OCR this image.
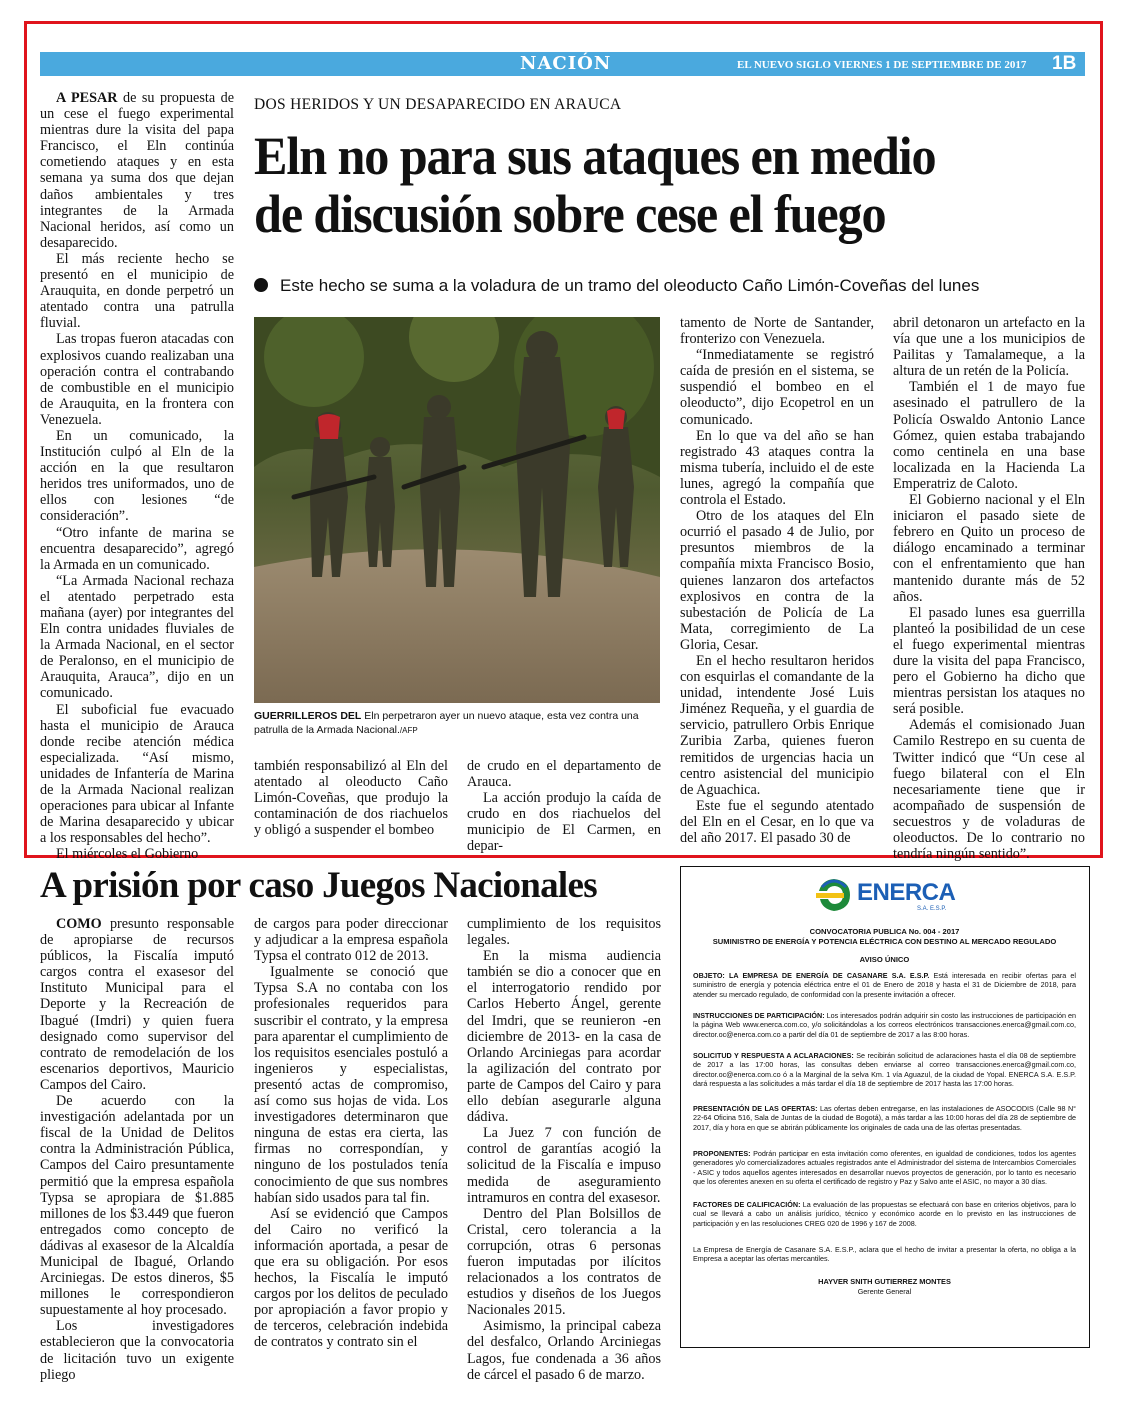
NACIÓN	EL NUEVO SIGLO VIERNES 1 DE SEPTIEMBRE DE 2017 1B
DOS HERIDOS Y UN DESAPARECIDO EN ARAUCA
Eln no para sus ataques en medio
de discusión sobre cese el fuego
Este hecho se suma a la voladura de un tramo del oleoducto Caño Limón-Coveñas del lunes

A PESAR de su propuesta de un cese el fuego experimental mientras dure la visita del papa Francisco, el Eln continúa cometiendo ataques y en esta semana ya suma dos que dejan daños ambientales y tres integrantes de la Armada Nacional heridos, así como un desaparecido.

El más reciente hecho se presentó en el municipio de Arauquita, en donde perpetró un atentado contra una patrulla fluvial.

Las tropas fueron atacadas con explosivos cuando realizaban una operación contra el contrabando de combustible en el municipio de Arauquita, en la frontera con Venezuela.

En un comunicado, la Institución culpó al Eln de la acción en la que resultaron heridos tres uniformados, uno de ellos con lesiones “de consideración”.

“Otro infante de marina se encuentra desaparecido”, agregó la Armada en un comunicado.

“La Armada Nacional rechaza el atentado perpetrado esta mañana (ayer) por integrantes del Eln contra unidades fluviales de la Armada Nacional, en el sector de Peralonso, en el municipio de Arauquita, Arauca”, dijo en un comunicado.

El suboficial fue evacuado hasta el municipio de Arauca donde recibe atención médica especializada. “Así mismo, unidades de Infantería de Marina de la Armada Nacional realizan operaciones para ubicar al Infante de Marina desaparecido y ubicar a los responsables del hecho”.

El miércoles el Gobierno

GUERRILLEROS DEL Eln perpetraron ayer un nuevo ataque, esta vez contra una patrulla de la Armada Nacional./AFP

también responsabilizó al Eln del atentado al oleoducto Caño Limón-Coveñas, que produjo la contaminación de dos riachuelos y obligó a suspender el bombeo

de crudo en el departamento de Arauca.

La acción produjo la caída de crudo en dos riachuelos del municipio de El Carmen, en depar-

tamento de Norte de Santander, fronterizo con Venezuela.

“Inmediatamente se registró caída de presión en el sistema, se suspendió el bombeo en el oleoducto”, dijo Ecopetrol en un comunicado.

En lo que va del año se han registrado 43 ataques contra la misma tubería, incluido el de este lunes, agregó la compañía que controla el Estado.

Otro de los ataques del Eln ocurrió el pasado 4 de Julio, por presuntos miembros de la compañía mixta Francisco Bosio, quienes lanzaron dos artefactos explosivos en contra de la subestación de Policía de La Mata, corregimiento de La Gloria, Cesar.

En el hecho resultaron heridos con esquirlas el comandante de la unidad, intendente José Luis Jiménez Requeña, y el guardia de servicio, patrullero Orbis Enrique Zuribia Zarba, quienes fueron remitidos de urgencias hacia un centro asistencial del municipio de Aguachica.

Este fue el segundo atentado del Eln en el Cesar, en lo que va del año 2017. El pasado 30 de

abril detonaron un artefacto en la vía que une a los municipios de Pailitas y Tamalameque, a la altura de un retén de la Policía.

También el 1 de mayo fue asesinado el patrullero de la Policía Oswaldo Antonio Lance Gómez, quien estaba trabajando como centinela en una base localizada en la Hacienda La Emperatriz de Caloto.

El Gobierno nacional y el Eln iniciaron el pasado siete de febrero en Quito un proceso de diálogo encaminado a terminar con el enfrentamiento que han mantenido durante más de 52 años.

El pasado lunes esa guerrilla planteó la posibilidad de un cese el fuego experimental mientras dure la visita del papa Francisco, pero el Gobierno ha dicho que mientras persistan los ataques no será posible.

Además el comisionado Juan Camilo Restrepo en su cuenta de Twitter indicó que “Un cese al fuego bilateral con el Eln necesariamente tiene que ir acompañado de suspensión de secuestros y de voladuras de oleoductos. De lo contrario no tendría ningún sentido”.

A prisión por caso Juegos Nacionales

COMO presunto responsable de apropiarse de recursos públicos, la Fiscalía imputó cargos contra el exasesor del Instituto Municipal para el Deporte y la Recreación de Ibagué (Imdri) y quien fuera designado como supervisor del contrato de remodelación de los escenarios deportivos, Mauricio Campos del Cairo.

De acuerdo con la investigación adelantada por un fiscal de la Unidad de Delitos contra la Administración Pública, Campos del Cairo presuntamente permitió que la empresa española Typsa se apropiara de $1.885 millones de los $3.449 que fueron entregados como concepto de dádivas al exasesor de la Alcaldía Municipal de Ibagué, Orlando Arciniegas. De estos dineros, $5 millones le correspondieron supuestamente al hoy procesado.

Los investigadores establecieron que la convocatoria de licitación tuvo un exigente pliego

de cargos para poder direccionar y adjudicar a la empresa española Typsa el contrato 012 de 2013.

Igualmente se conoció que Typsa S.A no contaba con los profesionales requeridos para suscribir el contrato, y la empresa para aparentar el cumplimiento de los requisitos esenciales postuló a ingenieros y especialistas, presentó actas de compromiso, así como sus hojas de vida. Los investigadores determinaron que ninguna de estas era cierta, las firmas no correspondían, y ninguno de los postulados tenía conocimiento de que sus nombres habían sido usados para tal fin.

Así se evidenció que Campos del Cairo no verificó la información aportada, a pesar de que era su obligación. Por esos hechos, la Fiscalía le imputó cargos por los delitos de peculado por apropiación a favor propio y de terceros, celebración indebida de contratos y contrato sin el

cumplimiento de los requisitos legales.

En la misma audiencia también se dio a conocer que en el interrogatorio rendido por Carlos Heberto Ángel, gerente del Imdri, que se reunieron -en diciembre de 2013- en la casa de Orlando Arciniegas para acordar la agilización del contrato por parte de Campos del Cairo y para ello debían asegurarle alguna dádiva.

La Juez 7 con función de control de garantías acogió la solicitud de la Fiscalía e impuso medida de aseguramiento intramuros en contra del exasesor.

Dentro del Plan Bolsillos de Cristal, cero tolerancia a la corrupción, otras 6 personas fueron imputadas por ilícitos relacionados a los contratos de estudios y diseños de los Juegos Nacionales 2015.

Asimismo, la principal cabeza del desfalco, Orlando Arciniegas Lagos, fue condenada a 36 años de cárcel el pasado 6 de marzo.

ENERCA
S.A. E.S.P.
CONVOCATORIA PUBLICA No. 004 - 2017
SUMINISTRO DE ENERGÍA Y POTENCIA ELÉCTRICA CON DESTINO AL MERCADO REGULADO
AVISO ÚNICO
OBJETO: LA EMPRESA DE ENERGÍA DE CASANARE S.A. E.S.P. Está interesada en recibir ofertas para el suministro de energía y potencia eléctrica entre el 01 de Enero de 2018 y hasta el 31 de Diciembre de 2018, para atender su mercado regulado, de conformidad con la presente invitación a ofrecer.
INSTRUCCIONES DE PARTICIPACIÓN: Los interesados podrán adquirir sin costo las instrucciones de participación en la página Web www.enerca.com.co, y/o solicitándolas a los correos electrónicos transacciones.enerca@gmail.com.co, director.oc@enerca.com.co a partir del día 01 de septiembre de 2017 a las 8:00 horas.
SOLICITUD Y RESPUESTA A ACLARACIONES: Se recibirán solicitud de aclaraciones hasta el día 08 de septiembre de 2017 a las 17:00 horas, las consultas deben enviarse al correo transacciones.enerca@gmail.com.co, director.oc@enerca.com.co ó a la Marginal de la selva Km. 1 vía Aguazul, de la ciudad de Yopal. ENERCA S.A. E.S.P. dará respuesta a las solicitudes a más tardar el día 18 de septiembre de 2017 hasta las 17:00 horas.
PRESENTACIÓN DE LAS OFERTAS: Las ofertas deben entregarse, en las instalaciones de ASOCODIS (Calle 98 N° 22-64 Oficina 516, Sala de Juntas de la ciudad de Bogotá), a más tardar a las 10:00 horas del día 28 de septiembre de 2017, día y hora en que se abrirán públicamente los originales de cada una de las ofertas presentadas.
PROPONENTES: Podrán participar en esta invitación como oferentes, en igualdad de condiciones, todos los agentes generadores y/o comercializadores actuales registrados ante el Administrador del sistema de Intercambios Comerciales - ASIC y todos aquellos agentes interesados en desarrollar nuevos proyectos de generación, por lo tanto es necesario que los oferentes anexen en su oferta el certificado de registro y Paz y Salvo ante el ASIC, no mayor a 30 días.
FACTORES DE CALIFICACIÓN: La evaluación de las propuestas se efectuará con base en criterios objetivos, para lo cual se llevará a cabo un análisis jurídico, técnico y económico acorde en lo previsto en las instrucciones de participación y en las resoluciones CREG 020 de 1996 y 167 de 2008.
La Empresa de Energía de Casanare S.A. E.S.P., aclara que el hecho de invitar a presentar la oferta, no obliga a la Empresa a aceptar las ofertas mercantiles.
HAYVER SNITH GUTIERREZ MONTES
Gerente General
